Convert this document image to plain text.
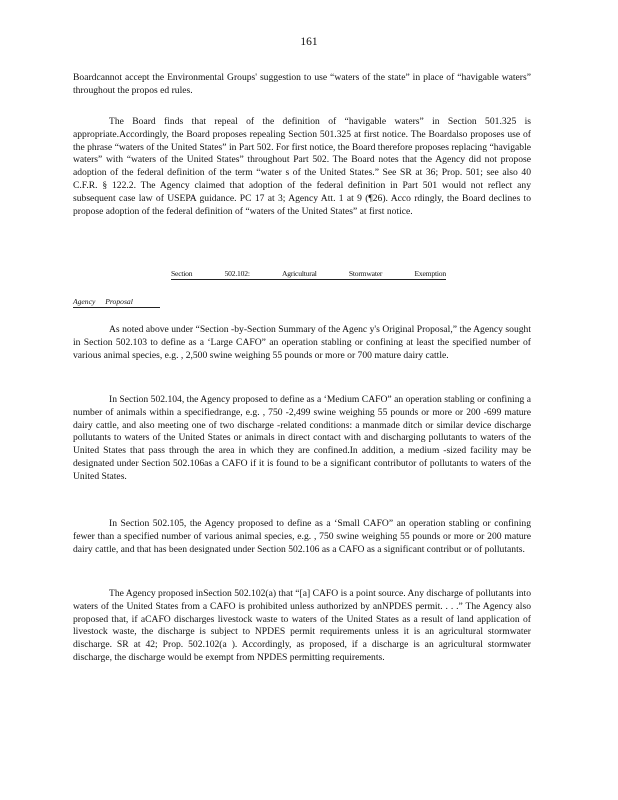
161
Boardcannot accept the Environmental Groups' suggestion to use “waters of the state” in place of “havigable waters” throughout the propos ed rules.
The Board finds that repeal of the definition of “havigable waters” in Section 501.325 is appropriate.Accordingly, the Board proposes repealing Section 501.325 at first notice. The Boardalso proposes use of the phrase “waters of the United States” in Part 502. For first notice, the Board therefore proposes replacing “havigable waters” with “waters of the United States” throughout Part 502. The Board notes that the Agency did not propose adoption of the federal definition of the term “water s of the United States.” See SR at 36; Prop. 501; see also 40 C.F.R. § 122.2. The Agency claimed that adoption of the federal definition in Part 501 would not reflect any subsequent case law of USEPA guidance. PC 17 at 3; Agency Att. 1 at 9 (¶26). Acco rdingly, the Board declines to propose adoption of the federal definition of “waters of the United States” at first notice.
Section	502.102:	Agricultural	Stormwater	Exemption
Agency Proposal
As noted above under “Section -by-Section Summary of the Agenc y's Original Proposal,” the Agency sought in Section 502.103 to define as a ‘Large CAFO” an operation stabling or confining at least the specified number of various animal species, e.g. , 2,500 swine weighing 55 pounds or more or 700 mature dairy cattle.
In Section 502.104, the Agency proposed to define as a ‘Medium CAFO” an operation stabling or confining a number of animals within a specifiedrange, e.g. , 750 -2,499 swine weighing 55 pounds or more or 200 -699 mature dairy cattle, and also meeting one of two discharge -related conditions: a manmade ditch or similar device discharge pollutants to waters of the United States or animals in direct contact with and discharging pollutants to waters of the United States that pass through the area in which they are confined.In addition, a medium -sized facility may be designated under Section 502.106as a CAFO if it is found to be a significant contributor of pollutants to waters of the United States.
In Section 502.105, the Agency proposed to define as a ‘Small CAFO” an operation stabling or confining fewer than a specified number of various animal species, e.g. , 750 swine weighing 55 pounds or more or 200 mature dairy cattle, and that has been designated under Section 502.106 as a CAFO as a significant contribut or of pollutants.
The Agency proposed inSection 502.102(a) that “[a] CAFO is a point source. Any discharge of pollutants into waters of the United States from a CAFO is prohibited unless authorized by anNPDES permit. . . .” The Agency also proposed that, if aCAFO discharges livestock waste to waters of the United States as a result of land application of livestock waste, the discharge is subject to NPDES permit requirements unless it is an agricultural stormwater discharge. SR at 42; Prop. 502.102(a ). Accordingly, as proposed, if a discharge is an agricultural stormwater discharge, the discharge would be exempt from NPDES permitting requirements.
